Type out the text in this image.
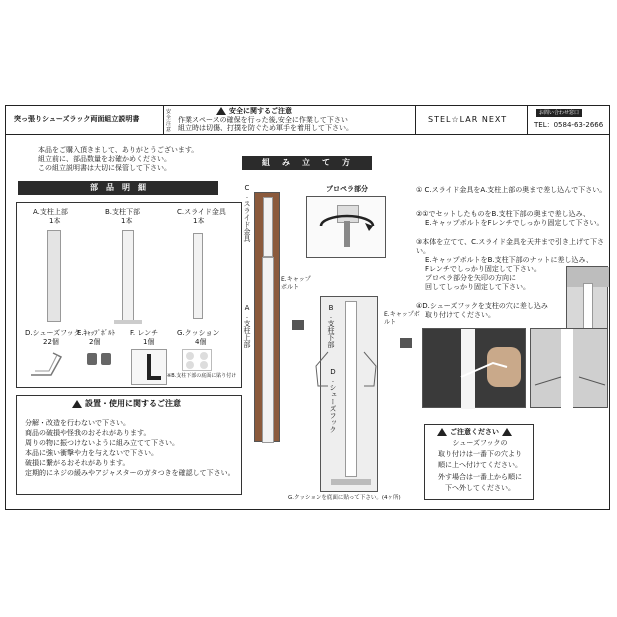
突っ張りシューズラック両面組立説明書
安全注意
安全に関するご注意
作業スペースの確保を行った後,安全に作業して下さい
組立時は切傷、打撲を防ぐため軍手を着用して下さい。
STEL☆LAR NEXT
お問い合わせ窓口
TEL：0584-63-2666
本品をご購入頂きまして、ありがとうございます。
組立前に、部品数量をお確かめください。
この組立説明書は大切に保管して下さい。
部　品　明　細
A.支柱上部
1本
B.支柱下部
1本
C.スライド金具
1本
D.シューズフック
22個
E.ｷｬｯﾌﾟﾎﾞﾙﾄ
2個
F. レンチ
1個
G.クッション
4個
※B.支柱下部の底面に貼り付け
設置・使用に関するご注意
分解・改造を行わないで下さい。
商品の破損や怪我のおそれがあります。
周りの物に振つけないように組み立てて下さい。
本品に強い衝撃や力を与えないで下さい。
破損に繋がるおそれがあります。
定期的にネジの緩みやアジャスターのガタつきを確認して下さい。
組　み　立　て　方
C.スライド金具
A.支柱上部
E.キャップボルト
プロペラ部分
B.支柱下部
D.シューズフック
E.キャップボルト
G.クッションを底面に貼って下さい。(4ヶ所)
① C.スライド金具をA.支柱上部の奥まで差し込んで下さい。
②①でセットしたものをB.支柱下部の奥まで差し込み、
E.キャップボルトをFレンチでしっかり固定して下さい。
③本体を立てて、C.スライド金具を天井まで引き上げて下さい。
E.キャップボルトをB.支柱下部のナットに差し込み、
Fレンチでしっかり固定して下さい。
プロペラ部分を矢印の方向に
回してしっかり固定して下さい。
④D.シューズフックを支柱の穴に差し込み
取り付けてください。
ご注意ください
シューズフックの
取り付けは一番下の穴より
順に上へ付けてください。
外す場合は一番上から順に
下へ外してください。
